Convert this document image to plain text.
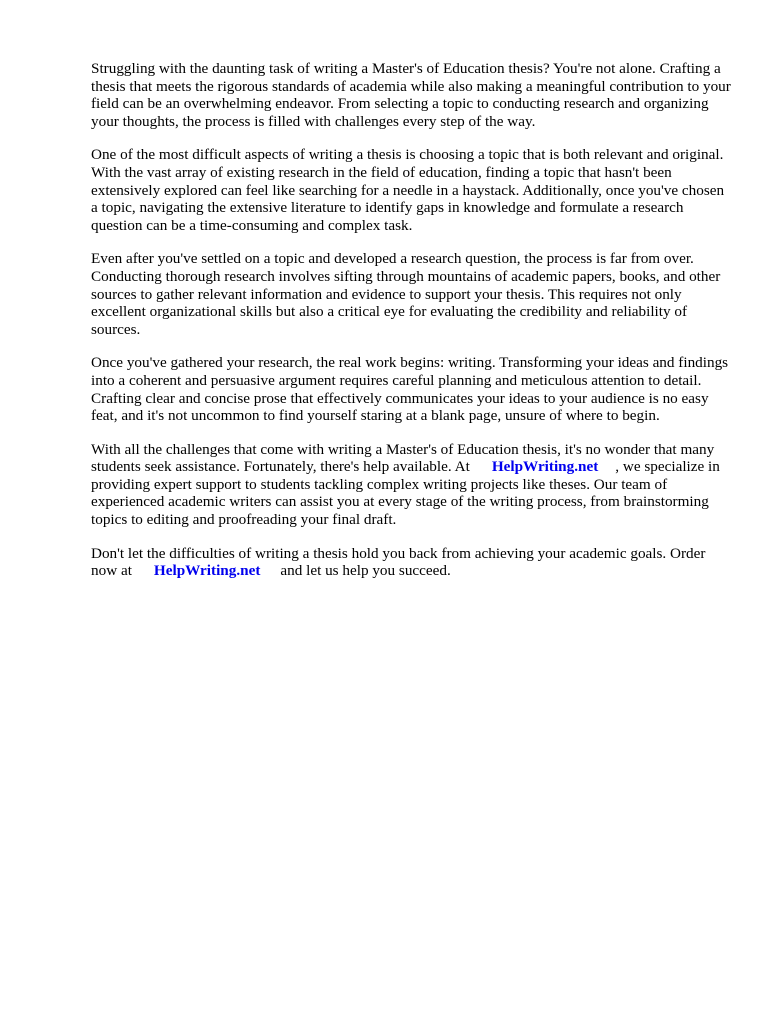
Struggling with the daunting task of writing a Master's of Education thesis? You're not alone. Crafting a thesis that meets the rigorous standards of academia while also making a meaningful contribution to your field can be an overwhelming endeavor. From selecting a topic to conducting research and organizing your thoughts, the process is filled with challenges every step of the way.

One of the most difficult aspects of writing a thesis is choosing a topic that is both relevant and original. With the vast array of existing research in the field of education, finding a topic that hasn't been extensively explored can feel like searching for a needle in a haystack. Additionally, once you've chosen a topic, navigating the extensive literature to identify gaps in knowledge and formulate a research question can be a time-consuming and complex task.

Even after you've settled on a topic and developed a research question, the process is far from over. Conducting thorough research involves sifting through mountains of academic papers, books, and other sources to gather relevant information and evidence to support your thesis. This requires not only excellent organizational skills but also a critical eye for evaluating the credibility and reliability of sources.

Once you've gathered your research, the real work begins: writing. Transforming your ideas and findings into a coherent and persuasive argument requires careful planning and meticulous attention to detail. Crafting clear and concise prose that effectively communicates your ideas to your audience is no easy feat, and it's not uncommon to find yourself staring at a blank page, unsure of where to begin.

With all the challenges that come with writing a Master's of Education thesis, it's no wonder that many students seek assistance. Fortunately, there's help available. At HelpWriting.net , we specialize in providing expert support to students tackling complex writing projects like theses. Our team of experienced academic writers can assist you at every stage of the writing process, from brainstorming topics to editing and proofreading your final draft.

Don't let the difficulties of writing a thesis hold you back from achieving your academic goals. Order now at HelpWriting.net and let us help you succeed.
